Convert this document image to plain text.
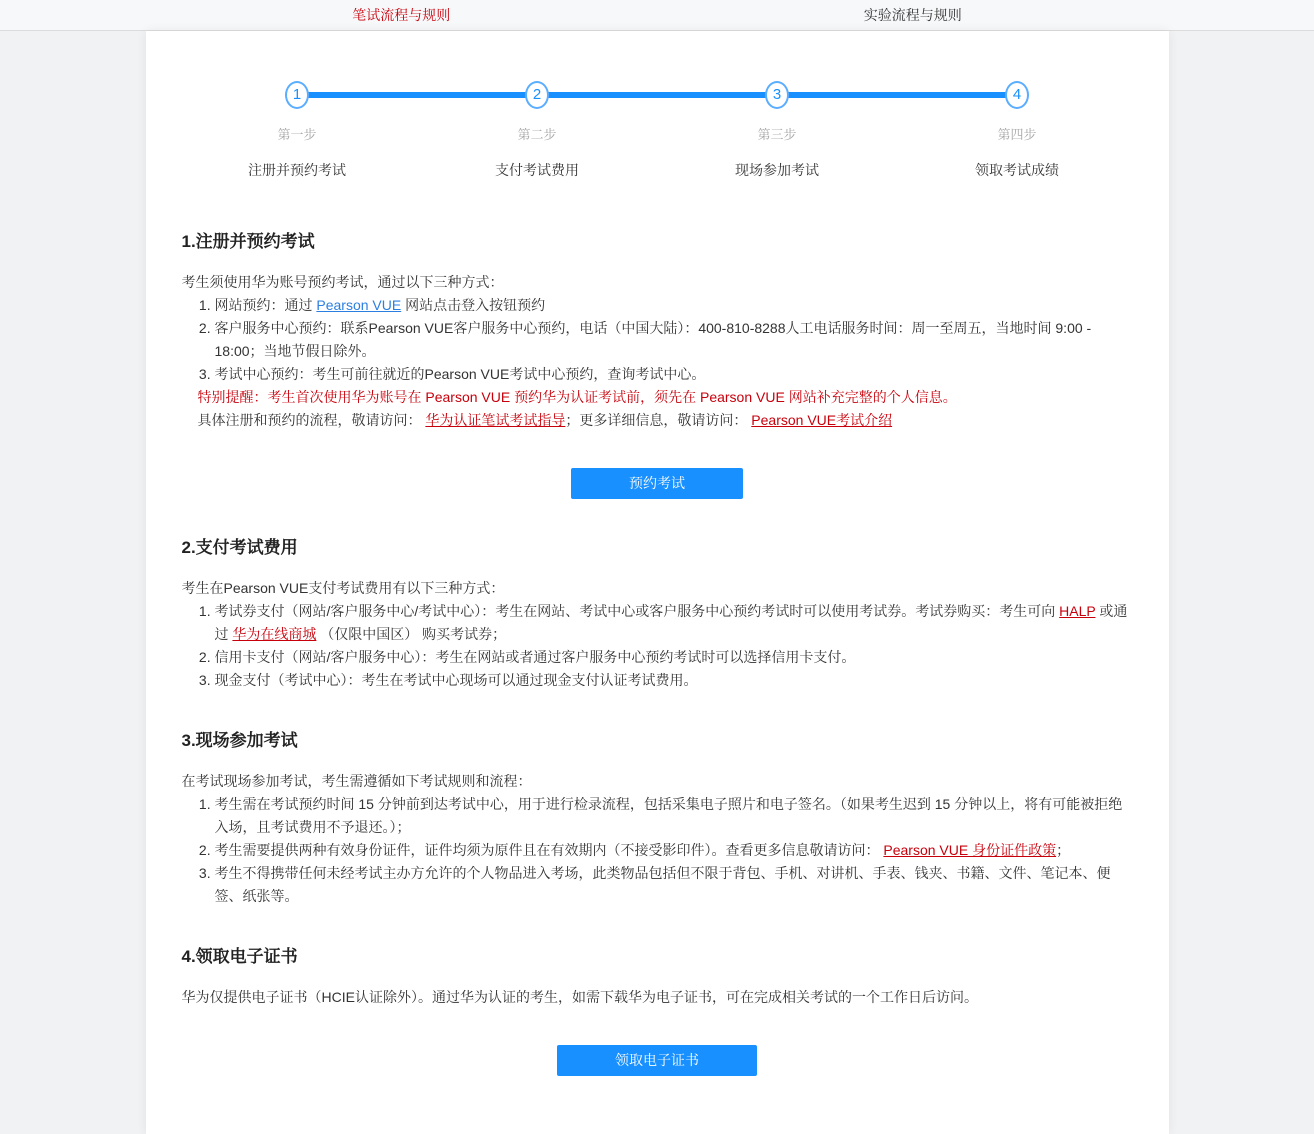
笔试流程与规则	实验流程与规则
1
第一步
注册并预约考试
2
第二步
支付考试费用
3
第三步
现场参加考试
4
第四步
领取考试成绩
1.注册并预约考试

考生须使用华为账号预约考试，通过以下三种方式：

1. 网站预约：通过 Pearson VUE 网站点击登入按钮预约
2. 客户服务中心预约：联系Pearson VUE客户服务中心预约，电话（中国大陆）：400-810-8288人工电话服务时间：周一至周五，当地时间 9:00 - 18:00；当地节假日除外。
3. 考试中心预约：考生可前往就近的Pearson VUE考试中心预约，查询考试中心。

特别提醒：考生首次使用华为账号在 Pearson VUE 预约华为认证考试前，须先在 Pearson VUE 网站补充完整的个人信息。

具体注册和预约的流程，敬请访问： 华为认证笔试考试指导；更多详细信息，敬请访问： Pearson VUE考试介绍

预约考试
2.支付考试费用

考生在Pearson VUE支付考试费用有以下三种方式：

1. 考试券支付（网站/客户服务中心/考试中心）：考生在网站、考试中心或客户服务中心预约考试时可以使用考试券。考试券购买：考生可向 HALP 或通过 华为在线商城 （仅限中国区） 购买考试券；
2. 信用卡支付（网站/客户服务中心）：考生在网站或者通过客户服务中心预约考试时可以选择信用卡支付。
3. 现金支付（考试中心）：考生在考试中心现场可以通过现金支付认证考试费用。
3.现场参加考试

在考试现场参加考试，考生需遵循如下考试规则和流程：

1. 考生需在考试预约时间 15 分钟前到达考试中心，用于进行检录流程，包括采集电子照片和电子签名。（如果考生迟到 15 分钟以上，将有可能被拒绝入场，且考试费用不予退还。）；
2. 考生需要提供两种有效身份证件，证件均须为原件且在有效期内（不接受影印件）。查看更多信息敬请访问： Pearson VUE 身份证件政策；
3. 考生不得携带任何未经考试主办方允许的个人物品进入考场，此类物品包括但不限于背包、手机、对讲机、手表、钱夹、书籍、文件、笔记本、便签、纸张等。
4.领取电子证书

华为仅提供电子证书（HCIE认证除外）。通过华为认证的考生，如需下载华为电子证书，可在完成相关考试的一个工作日后访问。

领取电子证书
